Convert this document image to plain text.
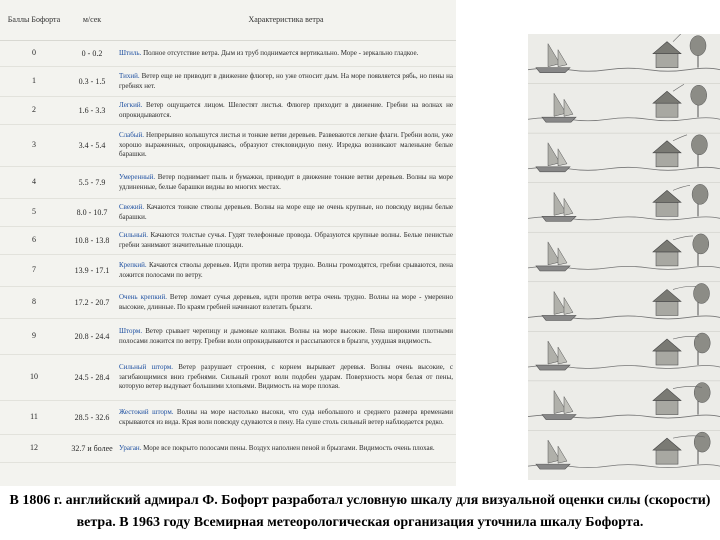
Баллы Бофорта	м/сек	Характеристика ветра
0	0 - 0.2	Штиль. Полное отсутствие ветра. Дым из труб поднимается вертикально. Море - зеркально гладкое.
1	0.3 - 1.5	Тихий. Ветер еще не приводит в движение флюгер, но уже относит дым. На море появляется рябь, но пены на гребнях нет.
2	1.6 - 3.3	Легкий. Ветер ощущается лицом. Шелестят листья. Флюгер приходит в движение. Гребни на волнах не опрокидываются.
3	3.4 - 5.4	Слабый. Непрерывно колышутся листья и тонкие ветви деревьев. Развеваются легкие флаги. Гребни волн, уже хорошо выраженных, опрокидываясь, образуют стекловидную пену. Изредка возникают маленькие белые барашки.
4	5.5 - 7.9	Умеренный. Ветер поднимает пыль и бумажки, приводит в движение тонкие ветви деревьев. Волны на море удлиненные, белые барашки видны во многих местах.
5	8.0 - 10.7	Свежий. Качаются тонкие стволы деревьев. Волны на море еще не очень крупные, но повсюду видны белые барашки.
6	10.8 - 13.8	Сильный. Качаются толстые сучья. Гудят телефонные провода. Образуются крупные волны. Белые пенистые гребни занимают значительные площади.
7	13.9 - 17.1	Крепкий. Качаются стволы деревьев. Идти против ветра трудно. Волны громоздятся, гребни срываются, пена ложится полосами по ветру.
8	17.2 - 20.7	Очень крепкий. Ветер ломает сучья деревьев, идти против ветра очень трудно. Волны на море - умеренно высокие, длинные. По краям гребней начинают взлетать брызги.
9	20.8 - 24.4	Шторм. Ветер срывает черепицу и дымовые колпаки. Волны на море высокие. Пена широкими плотными полосами ложится по ветру. Гребни волн опрокидываются и рассыпаются в брызги, ухудшая видимость.
10	24.5 - 28.4	Сильный шторм. Ветер разрушает строения, с корнем вырывает деревья. Волны очень высокие, с загибающимися вниз гребнями. Сильный грохот волн подобен ударам. Поверхность моря белая от пены, которую ветер выдувает большими хлопьями. Видимость на море плохая.
11	28.5 - 32.6	Жестокий шторм. Волны на море настолько высоки, что суда небольшого и среднего размера временами скрываются из вида. Края волн повсюду сдуваются в пену. На суше столь сильный ветер наблюдается редко.
12	32.7 и более	Ураган. Море все покрыто полосами пены. Воздух наполнен пеной и брызгами. Видимость очень плохая.
В 1806 г. английский адмирал Ф. Бофорт разработал условную шкалу для визуальной оценки силы (скорости) ветра. В 1963 году Всемирная метеорологическая организация уточнила шкалу Бофорта.
